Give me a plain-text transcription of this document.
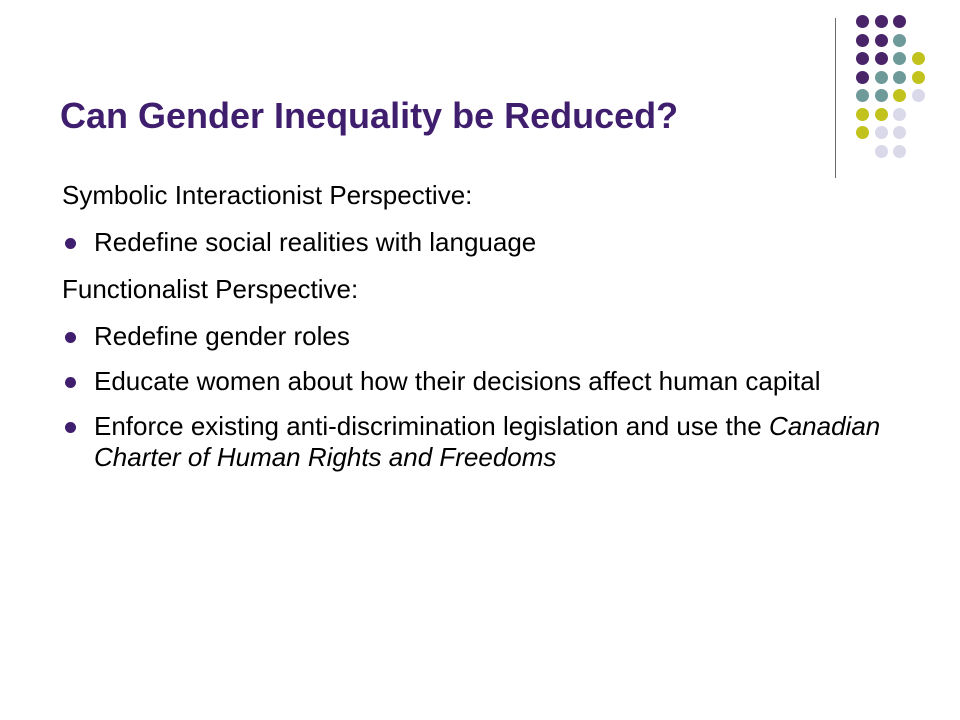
Can Gender Inequality be Reduced?
Symbolic Interactionist Perspective:
Redefine social realities with language
Functionalist Perspective:
Redefine gender roles
Educate women about how their decisions affect human capital
Enforce existing anti-discrimination legislation and use the Canadian Charter of Human Rights and Freedoms
